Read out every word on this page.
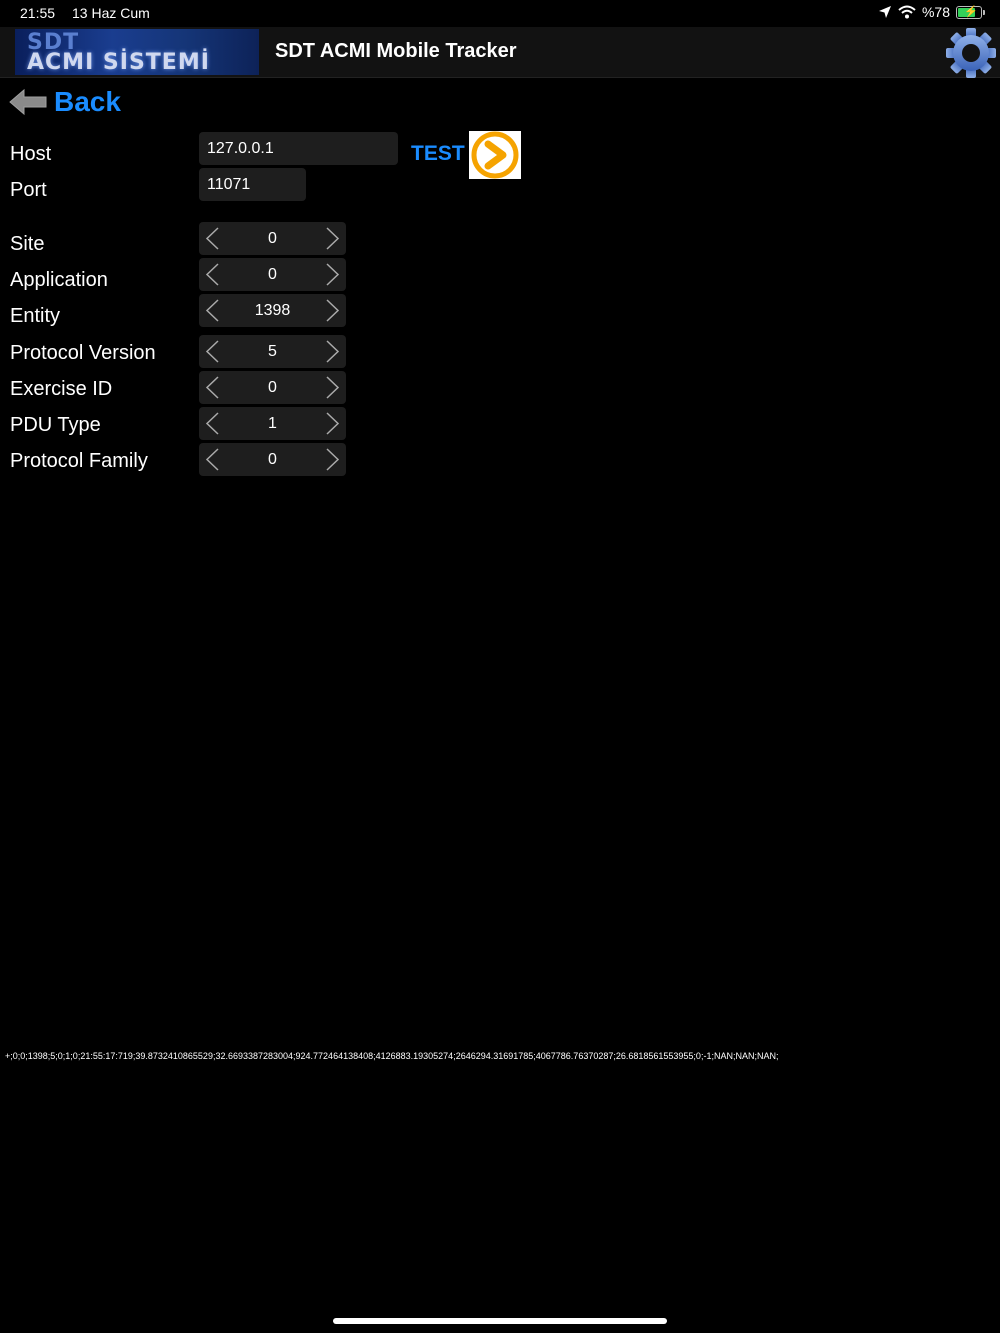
21:55 13 Haz Cum	%78 ⚡
SDT
ACMI SİSTEMİ	SDT ACMI Mobile Tracker
Back
Host	127.0.0.1	TEST
Port	11071
Site	0
Application	0
Entity	1398
Protocol Version	5
Exercise ID	0
PDU Type	1
Protocol Family	0
+;0;0;1398;5;0;1;0;21:55:17:719;39.8732410865529;32.6693387283004;924.772464138408;4126883.19305274;2646294.31691785;4067786.76370287;26.6818561553955;0;-1;NAN;NAN;NAN;
